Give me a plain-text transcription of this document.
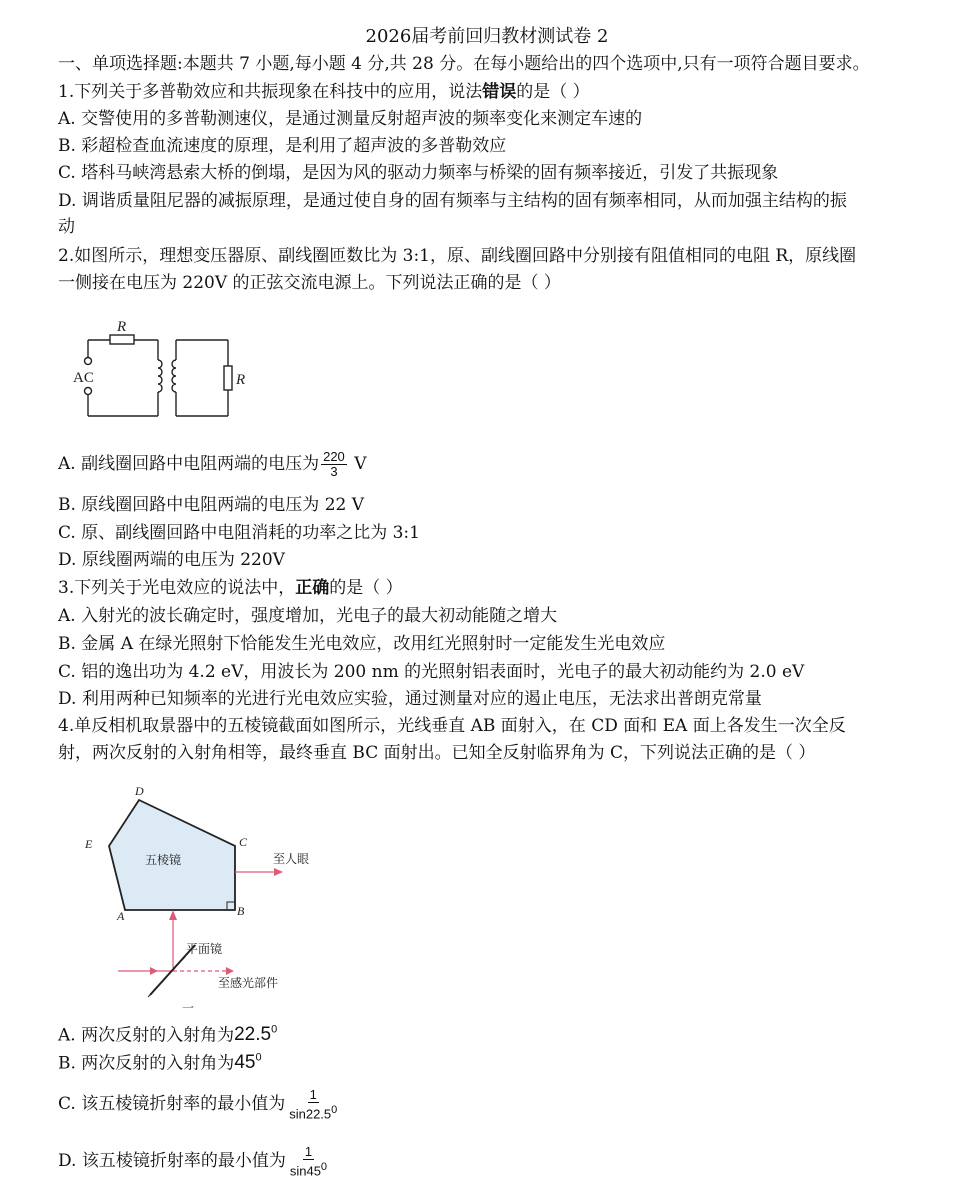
2026届考前回归教材测试卷 2
一、单项选择题:本题共 7 小题,每小题 4 分,共 28 分。在每小题给出的四个选项中,只有一项符合题目要求。
1.下列关于多普勒效应和共振现象在科技中的应用，说法错误的是（ ）
A. 交警使用的多普勒测速仪，是通过测量反射超声波的频率变化来测定车速的
B. 彩超检查血流速度的原理，是利用了超声波的多普勒效应
C. 塔科马峡湾悬索大桥的倒塌，是因为风的驱动力频率与桥梁的固有频率接近，引发了共振现象
D. 调谐质量阻尼器的减振原理，是通过使自身的固有频率与主结构的固有频率相同，从而加强主结构的振
动
2.如图所示，理想变压器原、副线圈匝数比为 3:1，原、副线圈回路中分别接有阻值相同的电阻 R，原线圈
一侧接在电压为 220V 的正弦交流电源上。下列说法正确的是（ ）
R
R
AC
A. 副线圈回路中电阻两端的电压为 $\frac{220}{3}$ V
B. 原线圈回路中电阻两端的电压为 22 V
C. 原、副线圈回路中电阻消耗的功率之比为 3:1
D. 原线圈两端的电压为 220V
3.下列关于光电效应的说法中，正确的是（ ）
A. 入射光的波长确定时，强度增加，光电子的最大初动能随之增大
B. 金属 A 在绿光照射下恰能发生光电效应，改用红光照射时一定能发生光电效应
C. 铝的逸出功为 4.2 eV，用波长为 200 nm 的光照射铝表面时，光电子的最大初动能约为 2.0 eV
D. 利用两种已知频率的光进行光电效应实验，通过测量对应的遏止电压，无法求出普朗克常量
4.单反相机取景器中的五棱镜截面如图所示，光线垂直 AB 面射入，在 CD 面和 EA 面上各发生一次全反
射，两次反射的入射角相等，最终垂直 BC 面射出。已知全反射临界角为 C，下列说法正确的是（ ）
D
C
E
A	B
五棱镜	至人眼
平面镜
至感光部件
一
A. 两次反射的入射角为22.5$^0$
B. 两次反射的入射角为$45^0$
C. 该五棱镜折射率的最小值为 $\frac{1}{\sin 22.5^0}$
D. 该五棱镜折射率的最小值为 $\frac{1}{\sin 45^0}$
